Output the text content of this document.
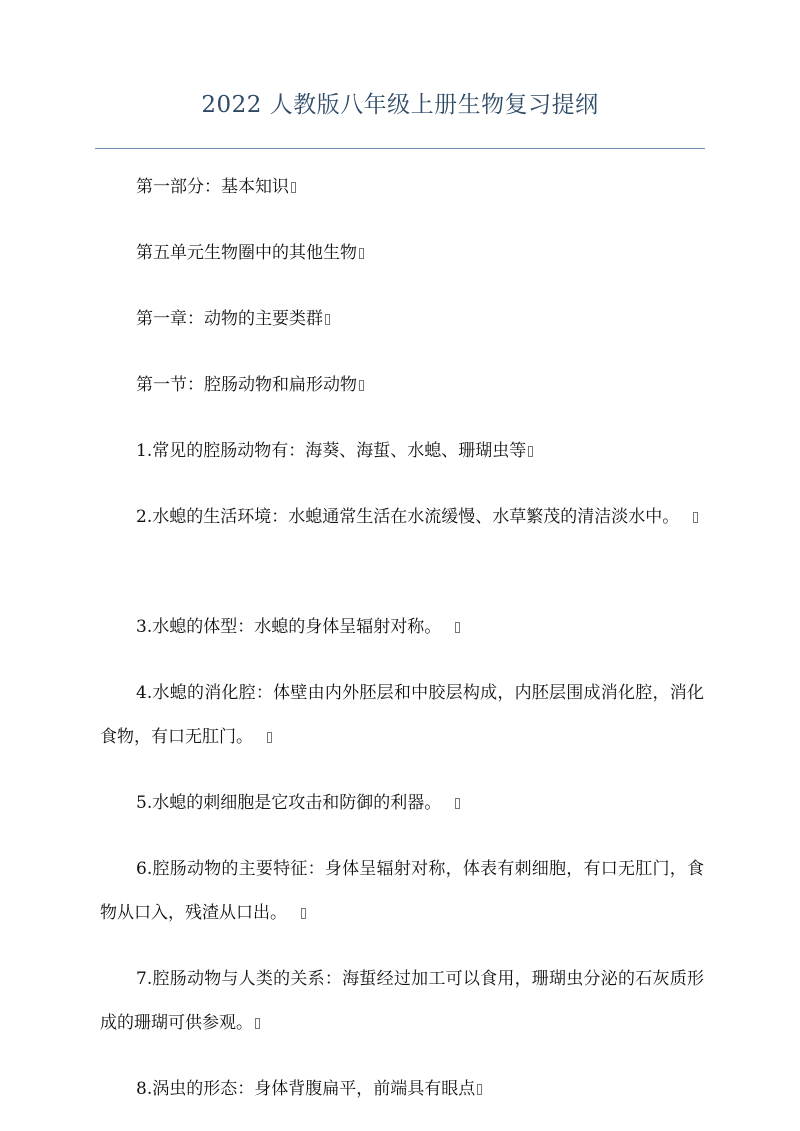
2022 人教版八年级上册生物复习提纲
第一部分：基本知识
第五单元生物圈中的其他生物
第一章：动物的主要类群
第一节：腔肠动物和扁形动物
1.常见的腔肠动物有：海葵、海蜇、水螅、珊瑚虫等
2.水螅的生活环境：水螅通常生活在水流缓慢、水草繁茂的清洁淡水中。
3.水螅的体型：水螅的身体呈辐射对称。
4.水螅的消化腔：体壁由内外胚层和中胶层构成，内胚层围成消化腔，消化食物，有口无肛门。
5.水螅的刺细胞是它攻击和防御的利器。
6.腔肠动物的主要特征：身体呈辐射对称，体表有刺细胞，有口无肛门，食物从口入，残渣从口出。
7.腔肠动物与人类的关系：海蜇经过加工可以食用，珊瑚虫分泌的石灰质形成的珊瑚可供参观。
8.涡虫的形态：身体背腹扁平，前端具有眼点
